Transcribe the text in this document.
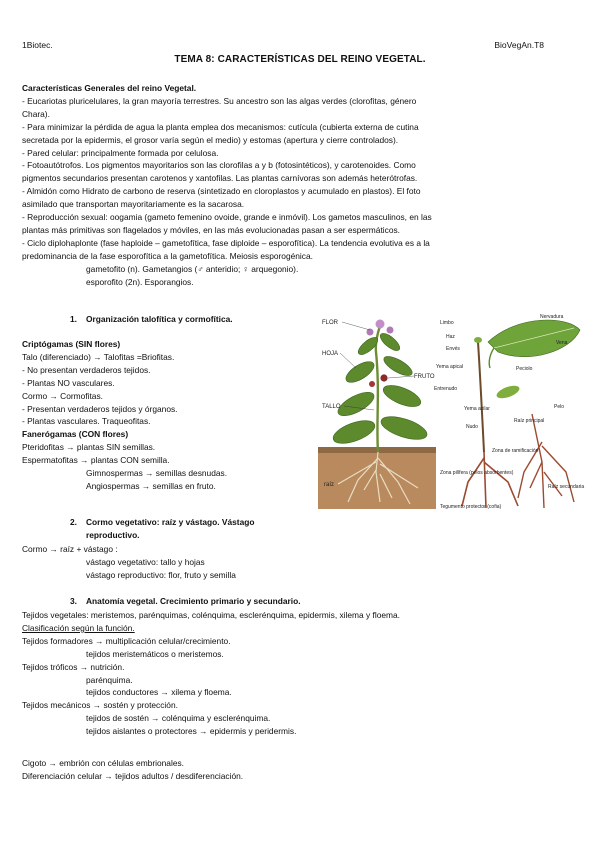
1Biotec.	BioVegAn.T8
TEMA 8: CARACTERÍSTICAS DEL REINO VEGETAL.

Características Generales del reino Vegetal.

- Eucariotas pluricelulares, la gran mayoría terrestres. Su ancestro son las algas verdes (clorofitas, género

Chara).

- Para minimizar la pérdida de agua la planta emplea dos mecanismos: cutícula (cubierta externa de cutina

secretada por la epidermis, el grosor varía según el medio) y estomas (apertura y cierre controlados).

- Pared celular: principalmente formada por celulosa.

- Fotoautótrofos. Los pigmentos mayoritarios son las clorofilas a y b (fotosintéticos), y carotenoides. Como

pigmentos secundarios presentan carotenos y xantofilas. Las plantas carnívoras son además heterótrofas.

- Almidón como Hidrato de carbono de reserva (sintetizado en cloroplastos y acumulado en plastos). El foto

asimilado que transportan mayoritariamente es la sacarosa.

- Reproducción sexual: oogamia (gameto femenino ovoide, grande e inmóvil). Los gametos masculinos, en las

plantas más primitivas son flagelados y móviles, en las más evolucionadas pasan a ser espermáticos.

- Ciclo diplohaplonte (fase haploide – gametofítica, fase diploide – esporofítica). La tendencia evolutiva es a la

predominancia de la fase esporofítica a la gametofítica. Meiosis esporogénica.

gametofito (n). Gametangios (♂ anteridio; ♀ arquegonio).

esporofito (2n). Esporangios.

1. Organización talofítica y cormofítica.

Criptógamas (SIN flores)

Talo (diferenciado) → Talofitas =Briofitas.

- No presentan verdaderos tejidos.

- Plantas NO vasculares.

Cormo → Cormofitas.

- Presentan verdaderos tejidos y órganos.

- Plantas vasculares. Traqueofitas.

Fanerógamas (CON flores)

Pteridofitas → plantas SIN semillas.

Espermatofitas → plantas CON semilla.

Gimnospermas → semillas desnudas.

Angiospermas → semillas en fruto.

2. Cormo vegetativo: raíz y vástago. Vástago
reproductivo.

Cormo → raíz + vástago :

vástago vegetativo: tallo y hojas

vástago reproductivo: flor, fruto y semilla

3. Anatomía vegetal. Crecimiento primario y secundario.

Tejidos vegetales: meristemos, parénquimas, colénquima, esclerénquima, epidermis, xilema y floema.

Clasificación según la función.

Tejidos formadores → multiplicación celular/crecimiento.

tejidos meristemáticos o meristemos.

Tejidos tróficos → nutrición.

parénquima.

tejidos conductores → xilema y floema.

Tejidos mecánicos → sostén y protección.

tejidos de sostén → colénquima y esclerénquima.

tejidos aislantes o protectores → epidermis y peridermis.

Cigoto → embrión con células embrionales.

Diferenciación celular → tejidos adultos / desdiferenciación.

FLOR
HOJA
FRUTO
TALLO
raíz
Limbo
Nervadura
Haz
Vena
Envés
Peciolo
Yema apical
Entrenudo
Yema axilar	Pelo
Nudo
Raíz principal
Zona de ramificación
Zona pilífera (pelos absorbentes)
Raíz secundaria
Tegumento protector (cofia)
